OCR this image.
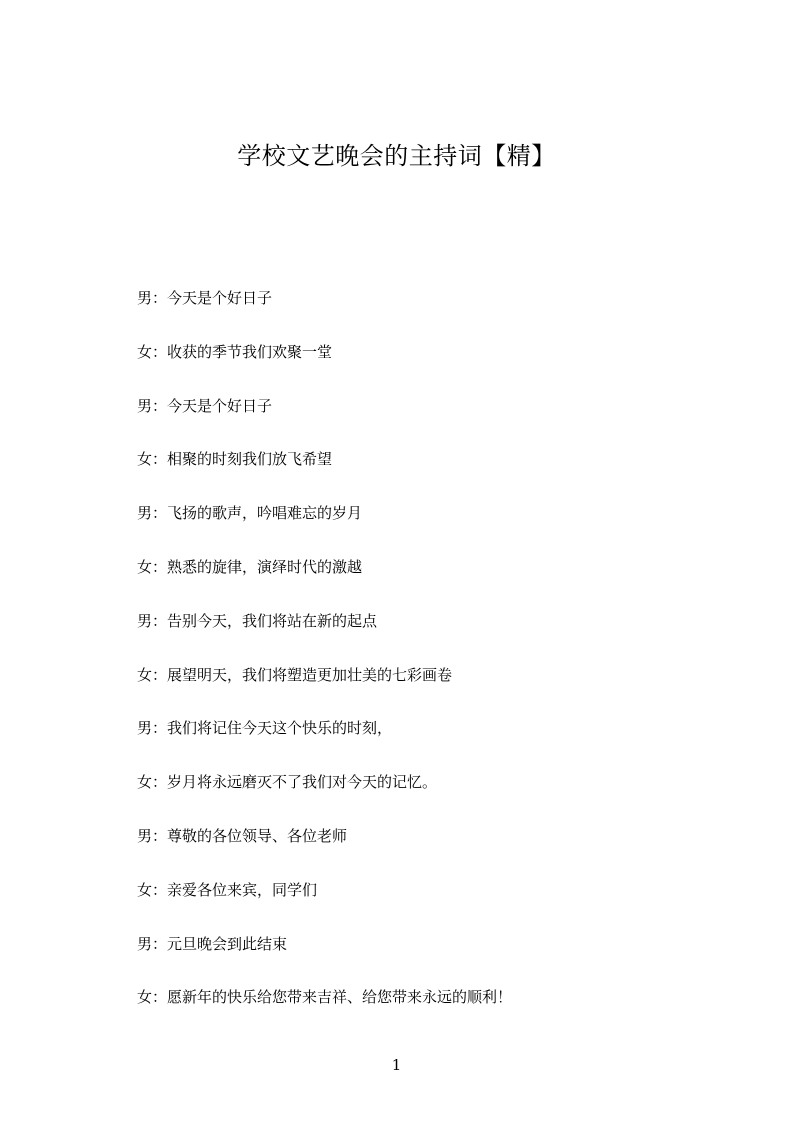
学校文艺晚会的主持词【精】
男：今天是个好日子
女：收获的季节我们欢聚一堂
男：今天是个好日子
女：相聚的时刻我们放飞希望
男：飞扬的歌声，吟唱难忘的岁月
女：熟悉的旋律，演绎时代的激越
男：告别今天，我们将站在新的起点
女：展望明天，我们将塑造更加壮美的七彩画卷
男：我们将记住今天这个快乐的时刻，
女：岁月将永远磨灭不了我们对今天的记忆。
男：尊敬的各位领导、各位老师
女：亲爱各位来宾，同学们
男：元旦晚会到此结束
女：愿新年的快乐给您带来吉祥、给您带来永远的顺利！
1
